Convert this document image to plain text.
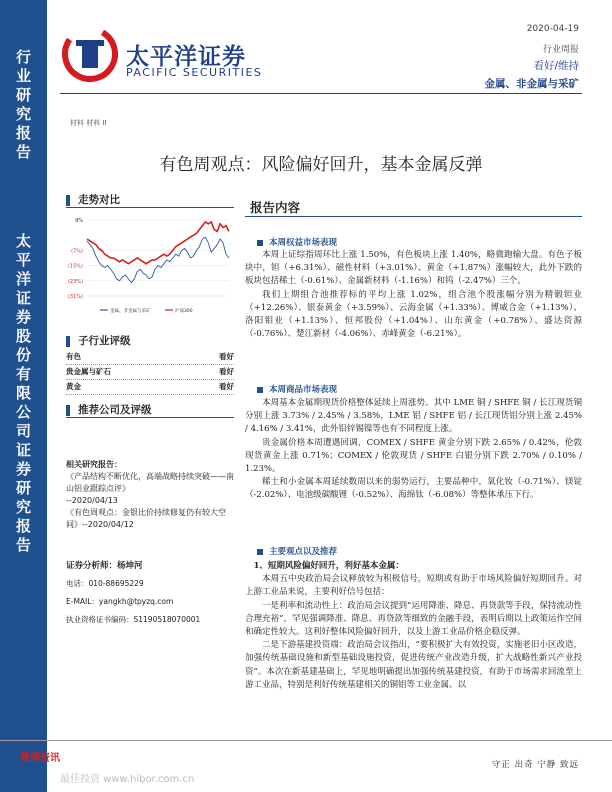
行
业
研
究
报
告
太
平
洋
证
券
股
份
有
限
公
司
证
券
研
究
报
告
太平洋证券
PACIFIC SECURITIES
2020-04-19
行业周报
看好/维持
金属、非金属与采矿
材料 材料 II
有色周观点：风险偏好回升，基本金属反弹
走势对比
9%
(7%)
(15%)
(23%)
(31%)
金属、非金属与采矿	沪深300
子行业评级
有色	看好
贵金属与矿石	看好
黄金	看好
推荐公司及评级
相关研究报告：
《产品结构不断优化，高端战略持续突破——南山铝业跟踪点评》
--2020/04/13
《有色周观点：金银比价持续修复仍有较大空间》--2020/04/12
证券分析师：杨坤河
电话：010-88695229
E-MAIL：yangkh@tpyzq.com
执业资格证书编码：S1190518070001
慧博资讯
最佳投资 www.hibor.com.cn
报告内容
本周权益市场表现

本周上证综指周环比上涨 1.50%，有色板块上涨 1.40%，略微跑输大盘。有色子板块中，钽（+6.31%）、磁性材料（+3.01%）、黄金（+1.87%）涨幅较大，此外下跌的板块包括稀土（-0.61%）、金属新材料（-1.16%）和钨（-2.47%）三个。

我们上期组合池推荐标的平均上涨 1.02%，组合池个股涨幅分别为精锻钽业（+12.26%）、银泰黄金（+3.59%）、云海金属（+1.33%）、博威合金（+1.13%）、洛阳钼业（+1.13%）、恒邦股份（+1.04%）、山东黄金（+0.78%）、盛达资源（-0.76%）、楚江新材（-4.06%）、赤峰黄金（-6.21%）。

本周商品市场表现

本周基本金属期现货价格整体延续上周涨势。其中 LME 铜 / SHFE 铜 / 长江现货铜分别上涨 3.73% / 2.45% / 3.58%，LME 铝 / SHFE 铝 / 长江现货铝分别上涨 2.45% / 4.16% / 3.41%，此外铅锌锡镍等也有不同程度上涨。

贵金属价格本周遭遇回调，COMEX / SHFE 黄金分别下跌 2.65% / 0.42%，伦敦现货黄金上涨 0.71%；COMEX / 伦敦现货 / SHFE 白银分别下跌 2.70% / 0.10% / 1.23%。

稀土和小金属本周延续数周以来的弱势运行，主要品种中，氧化钕（-0.71%）、镁锭（-2.02%）、电池级碳酸锂（-0.52%）、海绵钛（-6.08%）等整体承压下行。

主要观点以及推荐
1、短期风险偏好回升，利好基本金属：

本周五中央政治局会议释放较为积极信号，短期或有助于市场风险偏好短期回升。对上游工业品来说，主要利好信号包括：

一是利率和流动性上：政治局会议提到“运用降准、降息、再贷款等手段，保持流动性合理充裕”，罕见强调降准、降息、再贷款等细致的金融手段，表明后期以上政策运作空间和确定性较大。这利好整体风险偏好回升，以及上游工业品价格企稳反弹。

二是下游基建投资端：政治局会议指出，“要积极扩大有效投资，实施老旧小区改造，加强传统基础设施和新型基础设施投资，促进传统产业改造升级，扩大战略性新兴产业投资”。本次在新基建基础上，罕见地明确提出加强传统基建投资，有助于市场需求回流至上游工业品，特别是利好传统基建相关的铜铝等工业金属、以

守正 出奇 宁静 致远
